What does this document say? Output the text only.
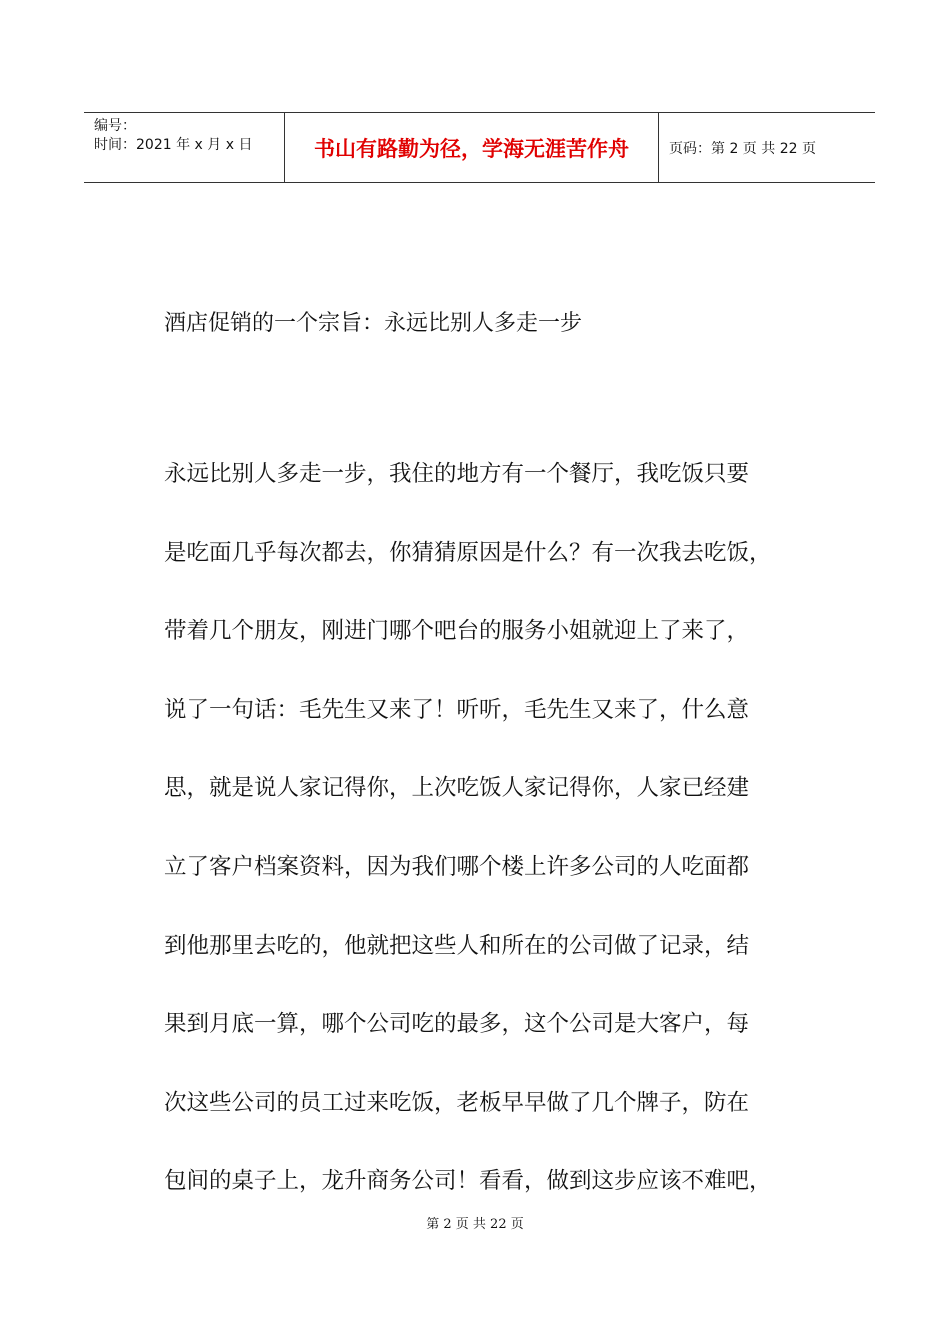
编号：
时间：2021 年 x 月 x 日	书山有路勤为径，学海无涯苦作舟	页码：第 2 页 共 22 页
酒店促销的一个宗旨：永远比别人多走一步
永远比别人多走一步，我住的地方有一个餐厅，我吃饭只要
是吃面几乎每次都去，你猜猜原因是什么？有一次我去吃饭，
带着几个朋友，刚进门哪个吧台的服务小姐就迎上了来了，
说了一句话：毛先生又来了！听听，毛先生又来了，什么意
思，就是说人家记得你，上次吃饭人家记得你，人家已经建
立了客户档案资料，因为我们哪个楼上许多公司的人吃面都
到他那里去吃的，他就把这些人和所在的公司做了记录，结
果到月底一算，哪个公司吃的最多，这个公司是大客户，每
次这些公司的员工过来吃饭，老板早早做了几个牌子，防在
包间的桌子上，龙升商务公司！看看，做到这步应该不难吧，
第 2 页 共 22 页
